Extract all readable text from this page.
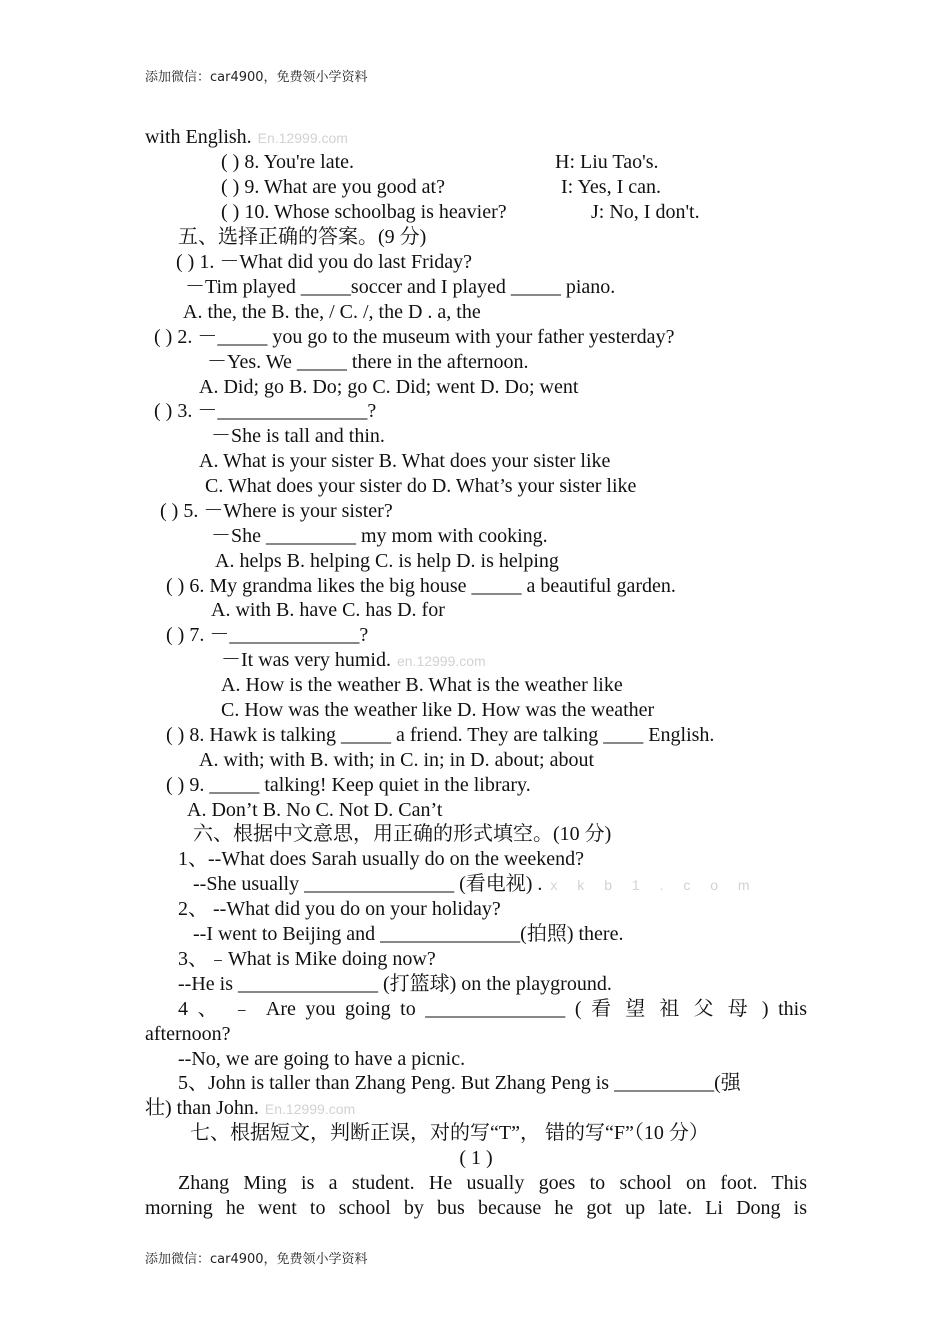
添加微信：car4900，免费领小学资料
with English. En.12999.com
( ) 8. You're late.	H: Liu Tao's.
( ) 9. What are you good at?	I: Yes, I can.
( ) 10. Whose schoolbag is heavier?	J: No, I don't.
五、选择正确的答案。(9 分)
( ) 1. －What did you do last Friday?
－Tim played _____soccer and I played _____ piano.
A. the, the B. the, / C. /, the D . a, the
( ) 2. －_____ you go to the museum with your father yesterday?
－Yes. We _____ there in the afternoon.
A. Did; go B. Do; go C. Did; went D. Do; went
( ) 3. －_______________?
－She is tall and thin.
A. What is your sister B. What does your sister like
C. What does your sister do D. What’s your sister like
( ) 5. －Where is your sister?
－She _________ my mom with cooking.
A. helps B. helping C. is help D. is helping
( ) 6. My grandma likes the big house _____ a beautiful garden.
A. with B. have C. has D. for
( ) 7. －_____________?
－It was very humid. en.12999.com
A. How is the weather B. What is the weather like
C. How was the weather like D. How was the weather
( ) 8. Hawk is talking _____ a friend. They are talking ____ English.
A. with; with B. with; in C. in; in D. about; about
( ) 9. _____ talking! Keep quiet in the library.
A. Don’t B. No C. Not D. Can’t
六、根据中文意思，用正确的形式填空。(10 分)
1、--What does Sarah usually do on the weekend?
--She usually _______________ (看电视) . x k b 1 . c o m
2、 --What did you do on your holiday?
--I went to Beijing and ______________(拍照) there.
3、﹣What is Mike doing now?
--He is ______________ (打篮球) on the playground.
4 、 ﹣ Are you going to ______________ ( 看 望 祖 父 母 ) this
afternoon?
--No, we are going to have a picnic.
5、John is taller than Zhang Peng. But Zhang Peng is __________(强
壮) than John. En.12999.com
七、根据短文，判断正误，对的写“T”， 错的写“F”（10 分）
( 1 )
Zhang Ming is a student. He usually goes to school on foot. This
morning he went to school by bus because he got up late. Li Dong is
添加微信：car4900，免费领小学资料
